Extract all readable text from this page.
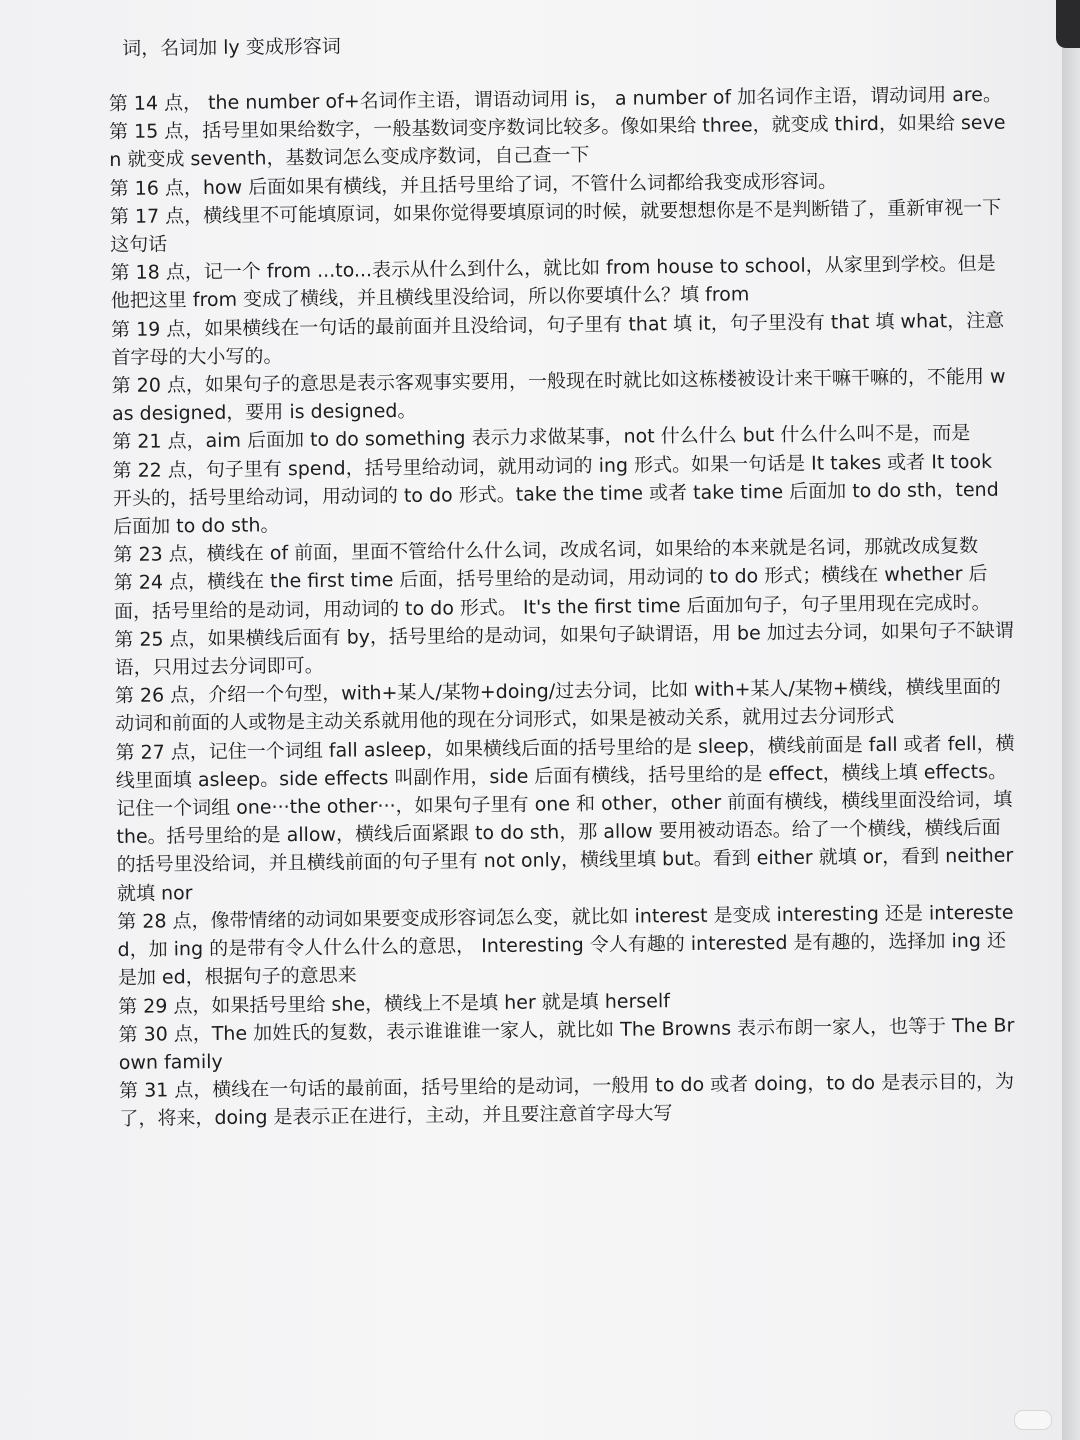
词，名词加 ly 变成形容词

第 14 点， the number of+名词作主语，谓语动词用 is， a number of 加名词作主语，谓动词用 are。

第 15 点，括号里如果给数字，一般基数词变序数词比较多。像如果给 three，就变成 third，如果给 seven 就变成 seventh，基数词怎么变成序数词，自己查一下

第 16 点，how 后面如果有横线，并且括号里给了词，不管什么词都给我变成形容词。

第 17 点，横线里不可能填原词，如果你觉得要填原词的时候，就要想想你是不是判断错了，重新审视一下这句话

第 18 点，记一个 from ...to...表示从什么到什么，就比如 from house to school，从家里到学校。但是他把这里 from 变成了横线，并且横线里没给词，所以你要填什么？填 from

第 19 点，如果横线在一句话的最前面并且没给词，句子里有 that 填 it，句子里没有 that 填 what，注意首字母的大小写的。

第 20 点，如果句子的意思是表示客观事实要用，一般现在时就比如这栋楼被设计来干嘛干嘛的，不能用 was designed，要用 is designed。

第 21 点，aim 后面加 to do something 表示力求做某事，not 什么什么 but 什么什么叫不是，而是

第 22 点，句子里有 spend，括号里给动词，就用动词的 ing 形式。如果一句话是 It takes 或者 It took 开头的，括号里给动词，用动词的 to do 形式。take the time 或者 take time 后面加 to do sth，tend 后面加 to do sth。

第 23 点，横线在 of 前面，里面不管给什么什么词，改成名词，如果给的本来就是名词，那就改成复数

第 24 点，横线在 the first time 后面，括号里给的是动词，用动词的 to do 形式；横线在 whether 后面，括号里给的是动词，用动词的 to do 形式。 It's the first time 后面加句子，句子里用现在完成时。

第 25 点，如果横线后面有 by，括号里给的是动词，如果句子缺谓语，用 be 加过去分词，如果句子不缺谓语，只用过去分词即可。

第 26 点，介绍一个句型，with+某人/某物+doing/过去分词，比如 with+某人/某物+横线，横线里面的动词和前面的人或物是主动关系就用他的现在分词形式，如果是被动关系，就用过去分词形式

第 27 点，记住一个词组 fall asleep，如果横线后面的括号里给的是 sleep，横线前面是 fall 或者 fell，横线里面填 asleep。side effects 叫副作用，side 后面有横线，括号里给的是 effect，横线上填 effects。记住一个词组 one···the other···，如果句子里有 one 和 other，other 前面有横线，横线里面没给词，填 the。括号里给的是 allow，横线后面紧跟 to do sth，那 allow 要用被动语态。给了一个横线，横线后面的括号里没给词，并且横线前面的句子里有 not only，横线里填 but。看到 either 就填 or，看到 neither 就填 nor

第 28 点，像带情绪的动词如果要变成形容词怎么变，就比如 interest 是变成 interesting 还是 interested，加 ing 的是带有令人什么什么的意思， Interesting 令人有趣的 interested 是有趣的，选择加 ing 还是加 ed，根据句子的意思来

第 29 点，如果括号里给 she，横线上不是填 her 就是填 herself

第 30 点，The 加姓氏的复数，表示谁谁谁一家人，就比如 The Browns 表示布朗一家人，也等于 The Brown family

第 31 点，横线在一句话的最前面，括号里给的是动词，一般用 to do 或者 doing，to do 是表示目的，为了，将来，doing 是表示正在进行，主动，并且要注意首字母大写
